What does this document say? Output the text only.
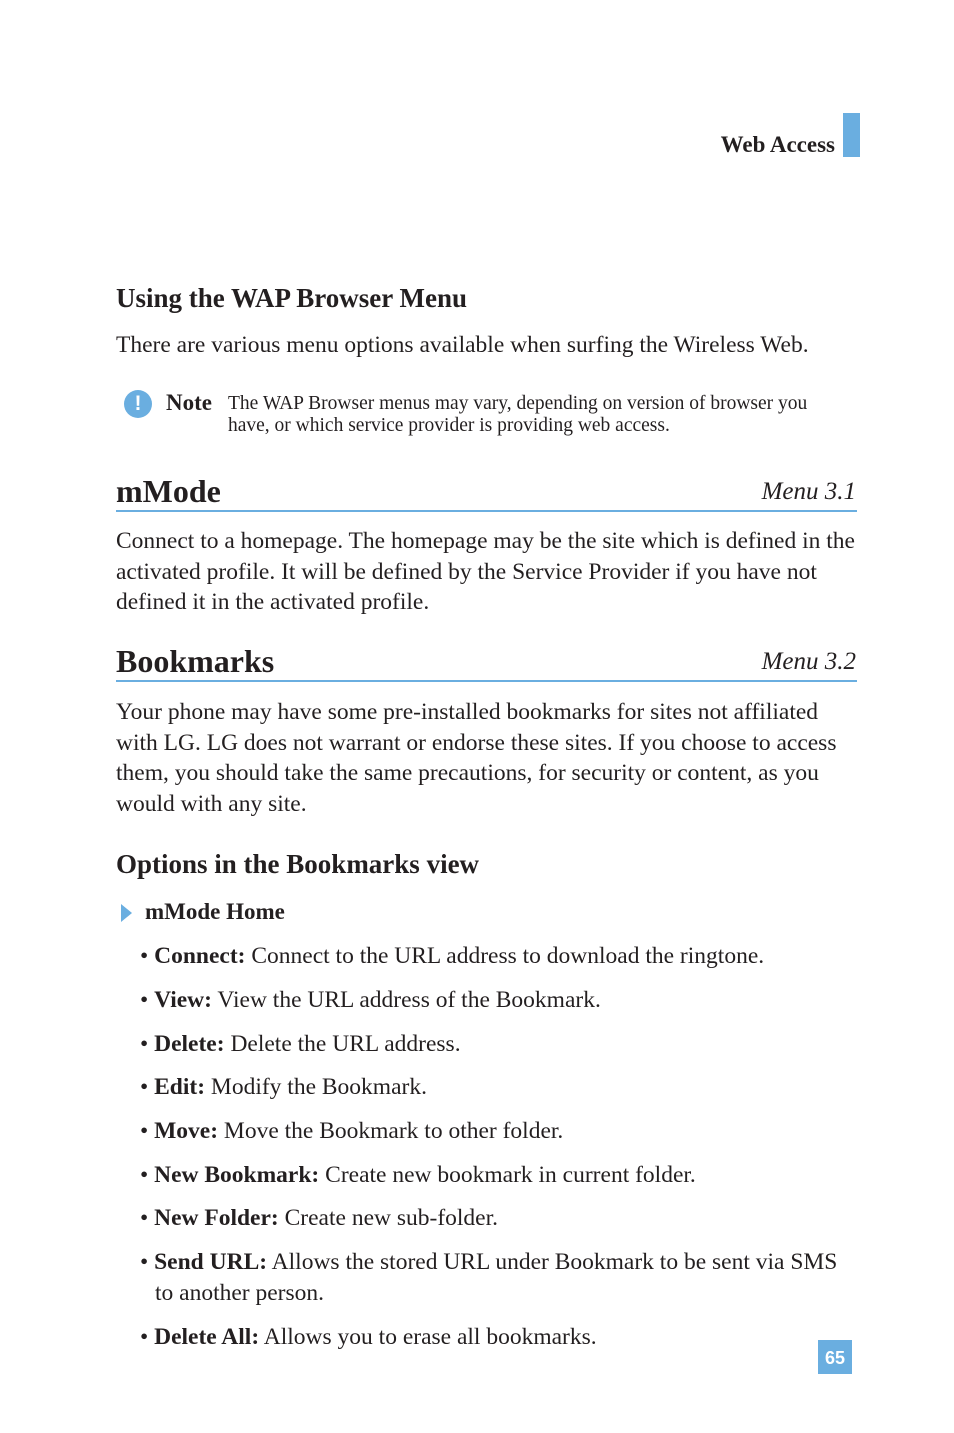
Web Access
Using the WAP Browser Menu
There are various menu options available when surfing the Wireless Web.
!	Note The WAP Browser menus may vary, depending on version of browser you have, or which service provider is providing web access.
mMode	Menu 3.1
Connect to a homepage. The homepage may be the site which is defined in the activated profile. It will be defined by the Service Provider if you have not defined it in the activated profile.
Bookmarks	Menu 3.2
Your phone may have some pre-installed bookmarks for sites not affiliated with LG. LG does not warrant or endorse these sites. If you choose to access them, you should take the same precautions, for security or content, as you would with any site.
Options in the Bookmarks view
mMode Home
• Connect: Connect to the URL address to download the ringtone.
• View: View the URL address of the Bookmark.
• Delete: Delete the URL address.
• Edit: Modify the Bookmark.
• Move: Move the Bookmark to other folder.
• New Bookmark: Create new bookmark in current folder.
• New Folder: Create new sub-folder.
• Send URL: Allows the stored URL under Bookmark to be sent via SMS to another person.
• Delete All: Allows you to erase all bookmarks.
65
